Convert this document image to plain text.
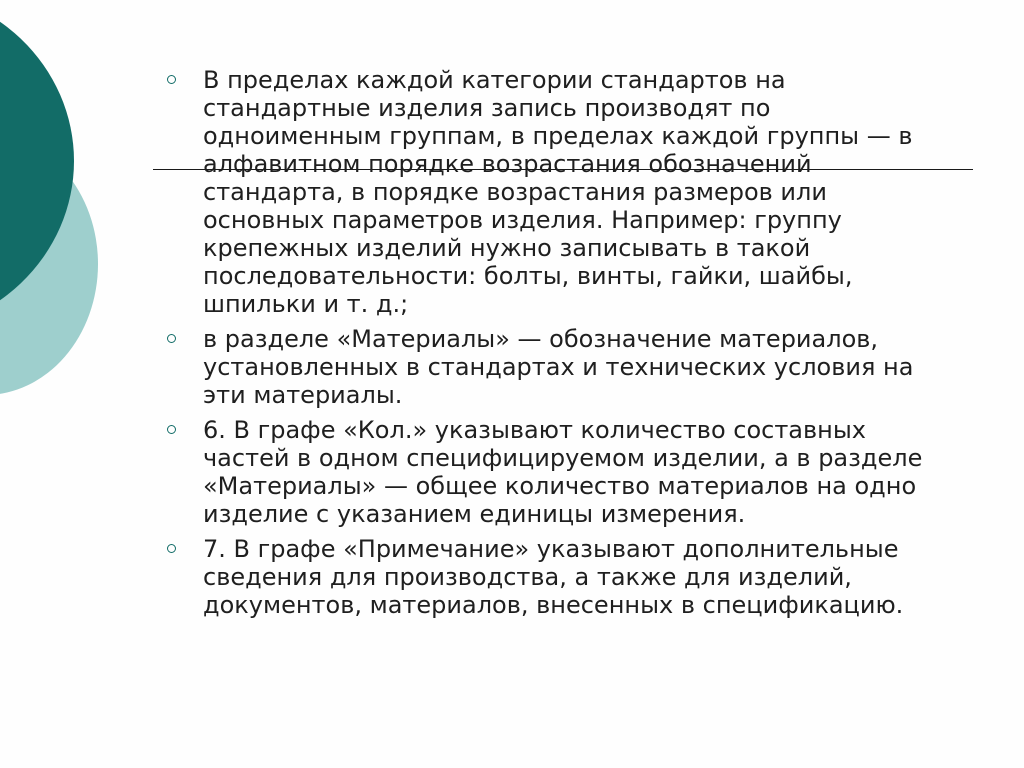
В пределах каждой категории стандартов на стандартные изделия запись производят по одноименным группам, в пределах каждой группы — в алфавитном порядке возрастания обозначений стандарта, в порядке возрастания размеров или основных параметров изделия. Например: группу крепежных изделий нужно записывать в такой последовательности: болты, винты, гайки, шайбы, шпильки и т. д.;
в разделе «Материалы» — обозначение материалов, установленных в стандартах и технических условия на эти материалы.
6. В графе «Кол.» указывают количество составных частей в одном специфицируемом изделии, а в разделе «Материалы» — общее количество материалов на одно изделие с указанием единицы измерения.
7. В графе «Примечание» указывают дополнительные сведения для производства, а также для изделий, документов, материалов, внесенных в спецификацию.
